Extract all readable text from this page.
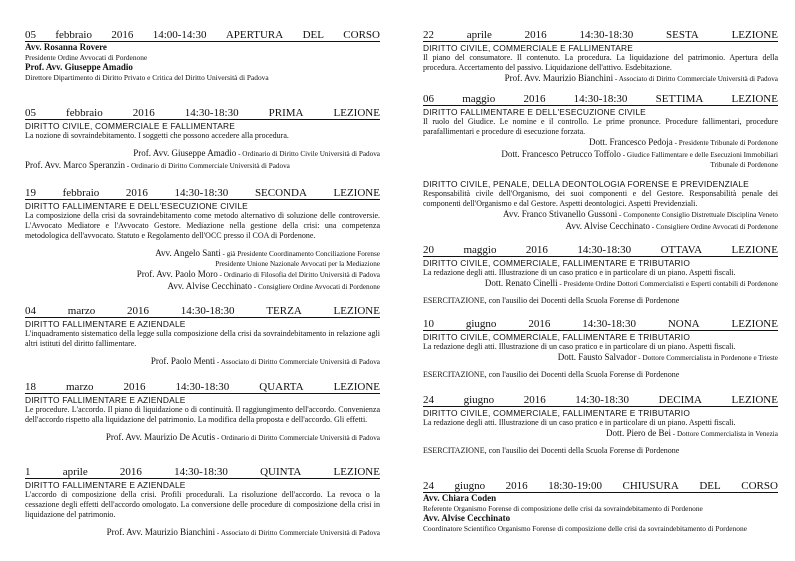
05 febbraio 2016 14:00-14:30 APERTURA DEL CORSO
Avv. Rosanna Rovere
Presidente Ordine Avvocati di Pordenone
Prof. Avv. Giuseppe Amadio
Direttore Dipartimento di Diritto Privato e Critica del Diritto Università di Padova
05	febbraio	2016	14:30-18:30	PRIMA	LEZIONE
DIRITTO CIVILE, COMMERCIALE E FALLIMENTARE
La nozione di sovraindebitamento. I soggetti che possono accedere alla procedura.
Prof. Avv. Giuseppe Amadio - Ordinario di Diritto Civile Università di Padova
Prof. Avv. Marco Speranzin - Ordinario di Diritto Commerciale Università di Padova
19 febbraio 2016 14:30-18:30 SECONDA LEZIONE
DIRITTO FALLIMENTARE E DELL'ESECUZIONE CIVILE
La composizione della crisi da sovraindebitamento come metodo alternativo di soluzione delle controversie. L'Avvocato Mediatore e l'Avvocato Gestore. Mediazione nella gestione della crisi: una competenza metodologica dell'avvocato. Statuto e Regolamento dell'OCC presso il COA di Pordenone.
Avv. Angelo Santi - già Presidente Coordinamento Conciliazione Forense
Presidente Unione Nazionale Avvocati per la Mediazione
Prof. Avv. Paolo Moro - Ordinario di Filosofia del Diritto Università di Padova
Avv. Alvise Cecchinato - Consigliere Ordine Avvocati di Pordenone
04	marzo	2016	14:30-18:30	TERZA	LEZIONE
DIRITTO FALLIMENTARE E AZIENDALE
L'inquadramento sistematico della legge sulla composizione della crisi da sovraindebitamento in relazione agli altri istituti del diritto fallimentare.
Prof. Paolo Menti - Associato di Diritto Commerciale Università di Padova
18	marzo	2016	14:30-18:30	QUARTA	LEZIONE
DIRITTO FALLIMENTARE E AZIENDALE
Le procedure. L'accordo. Il piano di liquidazione o di continuità. Il raggiungimento dell'accordo. Convenienza dell'accordo rispetto alla liquidazione del patrimonio. La modifica della proposta e dell'accordo. Gli effetti.
Prof. Avv. Maurizio De Acutis - Ordinario di Diritto Commerciale Università di Padova
1	aprile	2016	14:30-18:30	QUINTA	LEZIONE
DIRITTO FALLIMENTARE E AZIENDALE
L'accordo di composizione della crisi. Profili procedurali. La risoluzione dell'accordo. La revoca o la cessazione degli effetti dell'accordo omologato. La conversione delle procedure di composizione della crisi in liquidazione del patrimonio.
Prof. Avv. Maurizio Bianchini - Associato di Diritto Commerciale Università di Padova
22	aprile	2016	14:30-18:30	SESTA	LEZIONE
DIRITTO CIVILE, COMMERCIALE E FALLIMENTARE
Il piano del consumatore. Il contenuto. La procedura. La liquidazione del patrimonio. Apertura della procedura. Accertamento del passivo. Liquidazione dell'attivo. Esdebitazione.
Prof. Avv. Maurizio Bianchini - Associato di Diritto Commerciale Università di Padova
06	maggio	2016	14:30-18:30	SETTIMA	LEZIONE
DIRITTO FALLIMENTARE E DELL'ESECUZIONE CIVILE
Il ruolo del Giudice. Le nomine e il controllo. Le prime pronunce. Procedure fallimentari, procedure parafallimentari e procedure di esecuzione forzata.
Dott. Francesco Pedoja - Presidente Tribunale di Pordenone
Dott. Francesco Petrucco Toffolo - Giudice Fallimentare e delle Esecuzioni Immobiliari
Tribunale di Pordenone
DIRITTO CIVILE, PENALE, DELLA DEONTOLOGIA FORENSE E PREVIDENZIALE
Responsabilità civile dell'Organismo, dei suoi componenti e del Gestore. Responsabilità penale dei componenti dell'Organismo e dal Gestore. Aspetti deontologici. Aspetti Previdenziali.
Avv. Franco Stivanello Gussoni - Componente Consiglio Distrettuale Disciplina Veneto
Avv. Alvise Cecchinato - Consigliere Ordine Avvocati di Pordenone
20	maggio	2016	14:30-18:30	OTTAVA	LEZIONE
DIRITTO CIVILE, COMMERCIALE, FALLIMENTARE E TRIBUTARIO
La redazione degli atti. Illustrazione di un caso pratico e in particolare di un piano. Aspetti fiscali.
Dott. Renato Cinelli - Presidente Ordine Dottori Commercialisti e Esperti contabili di Pordenone
ESERCITAZIONE, con l'ausilio dei Docenti della Scuola Forense di Pordenone
10	giugno	2016	14:30-18:30	NONA	LEZIONE
DIRITTO CIVILE, COMMERCIALE, FALLIMENTARE E TRIBUTARIO
La redazione degli atti. Illustrazione di un caso pratico e in particolare di un piano. Aspetti fiscali.
Dott. Fausto Salvador - Dottore Commercialista in Pordenone e Trieste
ESERCITAZIONE, con l'ausilio dei Docenti della Scuola Forense di Pordenone
24	giugno	2016	14:30-18:30	DECIMA	LEZIONE
DIRITTO CIVILE, COMMERCIALE, FALLIMENTARE E TRIBUTARIO
La redazione degli atti. Illustrazione di un caso pratico e in particolare di un piano. Aspetti fiscali.
Dott. Piero de Bei - Dottore Commercialista in Venezia
ESERCITAZIONE, con l'ausilio dei Docenti della Scuola Forense di Pordenone
24 giugno 2016 18:30-19:00 CHIUSURA DEL CORSO
Avv. Chiara Coden
Referente Organismo Forense di composizione delle crisi da sovraindebitamento di Pordenone
Avv. Alvise Cecchinato
Coordinatore Scientifico Organismo Forense di composizione delle crisi da sovraindebitamento di Pordenone
